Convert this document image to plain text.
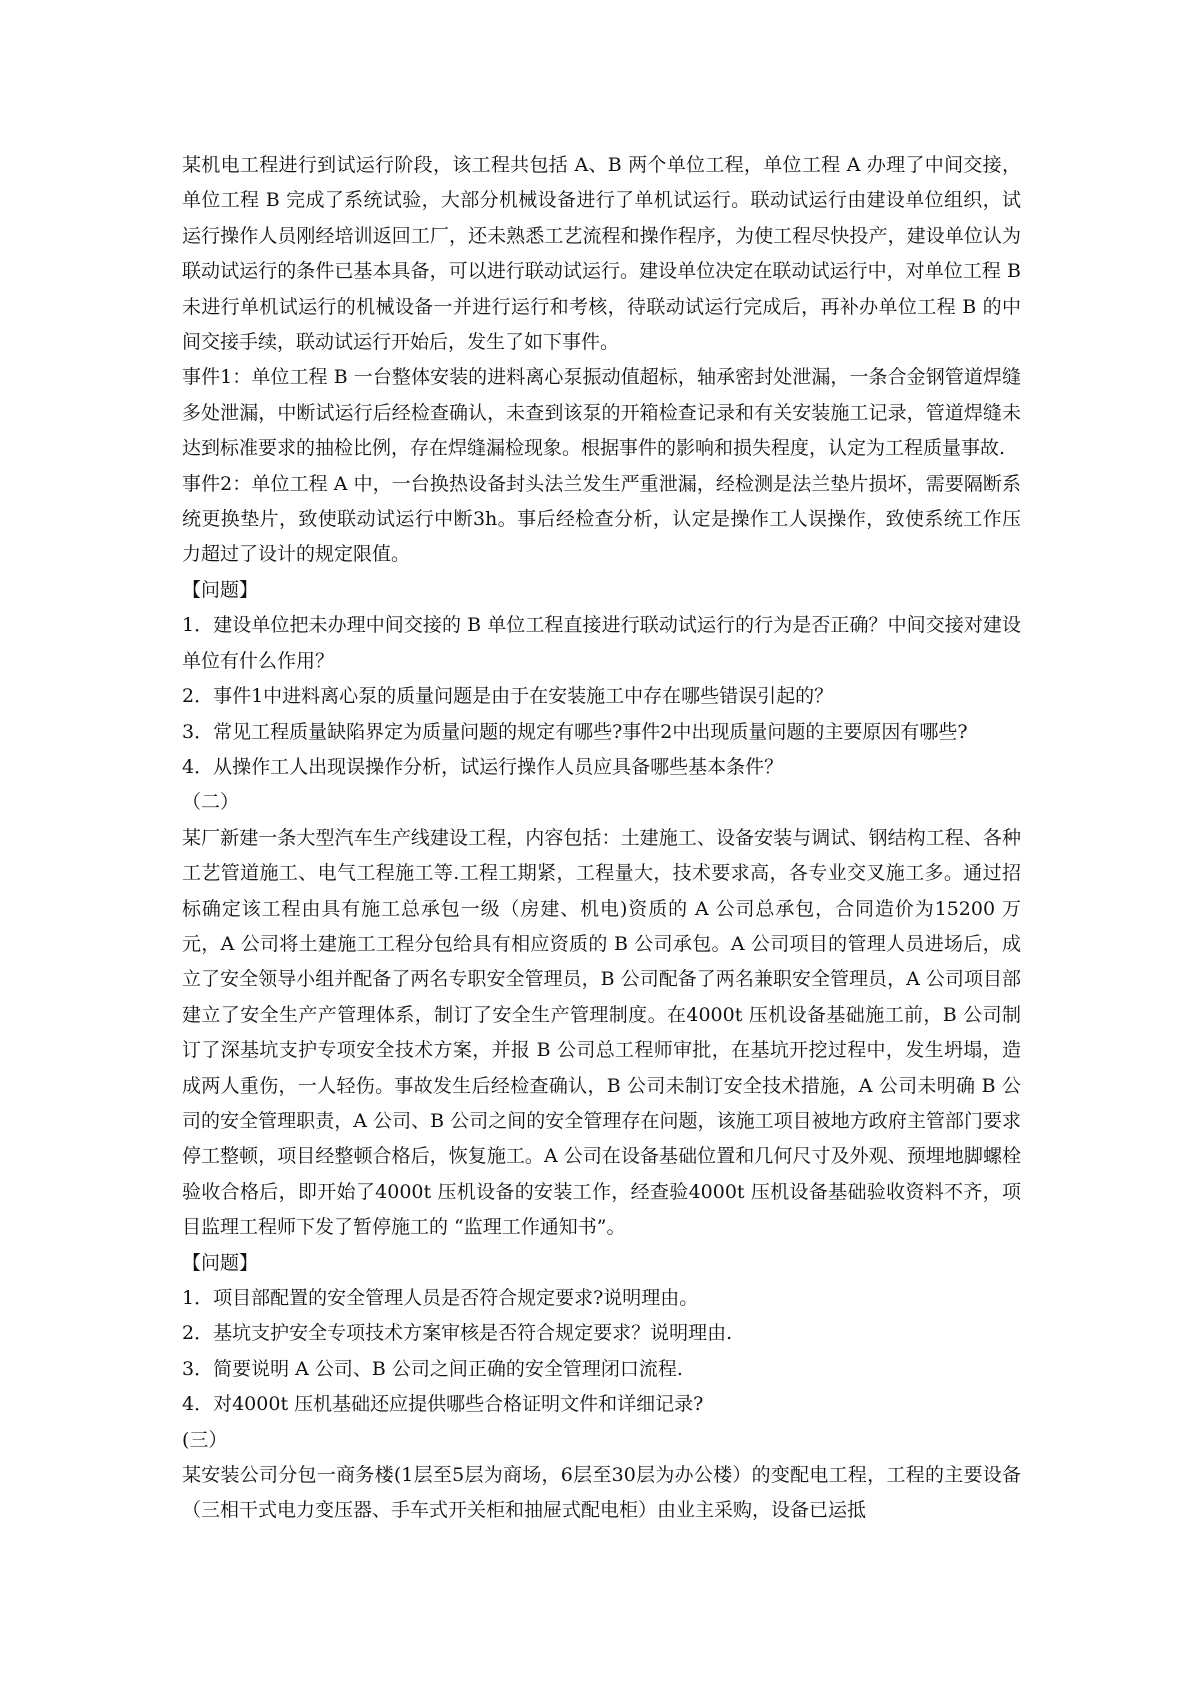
某机电工程进行到试运行阶段，该工程共包括 A、B 两个单位工程，单位工程 A 办理了中间交接，单位工程 B 完成了系统试验，大部分机械设备进行了单机试运行。联动试运行由建设单位组织，试运行操作人员刚经培训返回工厂，还未熟悉工艺流程和操作程序，为使工程尽快投产，建设单位认为联动试运行的条件已基本具备，可以进行联动试运行。建设单位决定在联动试运行中，对单位工程 B 未进行单机试运行的机械设备一并进行运行和考核，待联动试运行完成后，再补办单位工程 B 的中间交接手续，联动试运行开始后，发生了如下事件。

事件1：单位工程 B 一台整体安装的进料离心泵振动值超标，轴承密封处泄漏，一条合金钢管道焊缝多处泄漏，中断试运行后经检查确认，未查到该泵的开箱检查记录和有关安装施工记录，管道焊缝未达到标准要求的抽检比例，存在焊缝漏检现象。根据事件的影响和损失程度，认定为工程质量事故.

事件2：单位工程 A 中，一台换热设备封头法兰发生严重泄漏，经检测是法兰垫片损坏，需要隔断系统更换垫片，致使联动试运行中断3h。事后经检查分析，认定是操作工人误操作，致使系统工作压力超过了设计的规定限值。

【问题】

1．建设单位把未办理中间交接的 B 单位工程直接进行联动试运行的行为是否正确？中间交接对建设单位有什么作用？

2．事件1中进料离心泵的质量问题是由于在安装施工中存在哪些错误引起的？

3．常见工程质量缺陷界定为质量问题的规定有哪些?事件2中出现质量问题的主要原因有哪些?

4．从操作工人出现误操作分析，试运行操作人员应具备哪些基本条件？

（二）

某厂新建一条大型汽车生产线建设工程，内容包括：土建施工、设备安装与调试、钢结构工程、各种工艺管道施工、电气工程施工等.工程工期紧，工程量大，技术要求高，各专业交叉施工多。通过招标确定该工程由具有施工总承包一级（房建、机电)资质的 A 公司总承包，合同造价为15200 万元，A 公司将土建施工工程分包给具有相应资质的 B 公司承包。A 公司项目的管理人员进场后，成立了安全领导小组并配备了两名专职安全管理员，B 公司配备了两名兼职安全管理员，A 公司项目部建立了安全生产产管理体系，制订了安全生产管理制度。在4000t 压机设备基础施工前，B 公司制订了深基坑支护专项安全技术方案，并报 B 公司总工程师审批，在基坑开挖过程中，发生坍塌，造成两人重伤，一人轻伤。事故发生后经检查确认，B 公司未制订安全技术措施，A 公司未明确 B 公司的安全管理职责，A 公司、B 公司之间的安全管理存在问题，该施工项目被地方政府主管部门要求停工整顿，项目经整顿合格后，恢复施工。A 公司在设备基础位置和几何尺寸及外观、预埋地脚螺栓验收合格后，即开始了4000t 压机设备的安装工作，经查验4000t 压机设备基础验收资料不齐，项目监理工程师下发了暂停施工的 “监理工作通知书”。

【问题】

1．项目部配置的安全管理人员是否符合规定要求?说明理由。

2．基坑支护安全专项技术方案审核是否符合规定要求？说明理由.

3．简要说明 A 公司、B 公司之间正确的安全管理闭口流程.

4．对4000t 压机基础还应提供哪些合格证明文件和详细记录?

(三）

某安装公司分包一商务楼(1层至5层为商场，6层至30层为办公楼）的变配电工程，工程的主要设备（三相干式电力变压器、手车式开关柜和抽屉式配电柜）由业主采购，设备已运抵
